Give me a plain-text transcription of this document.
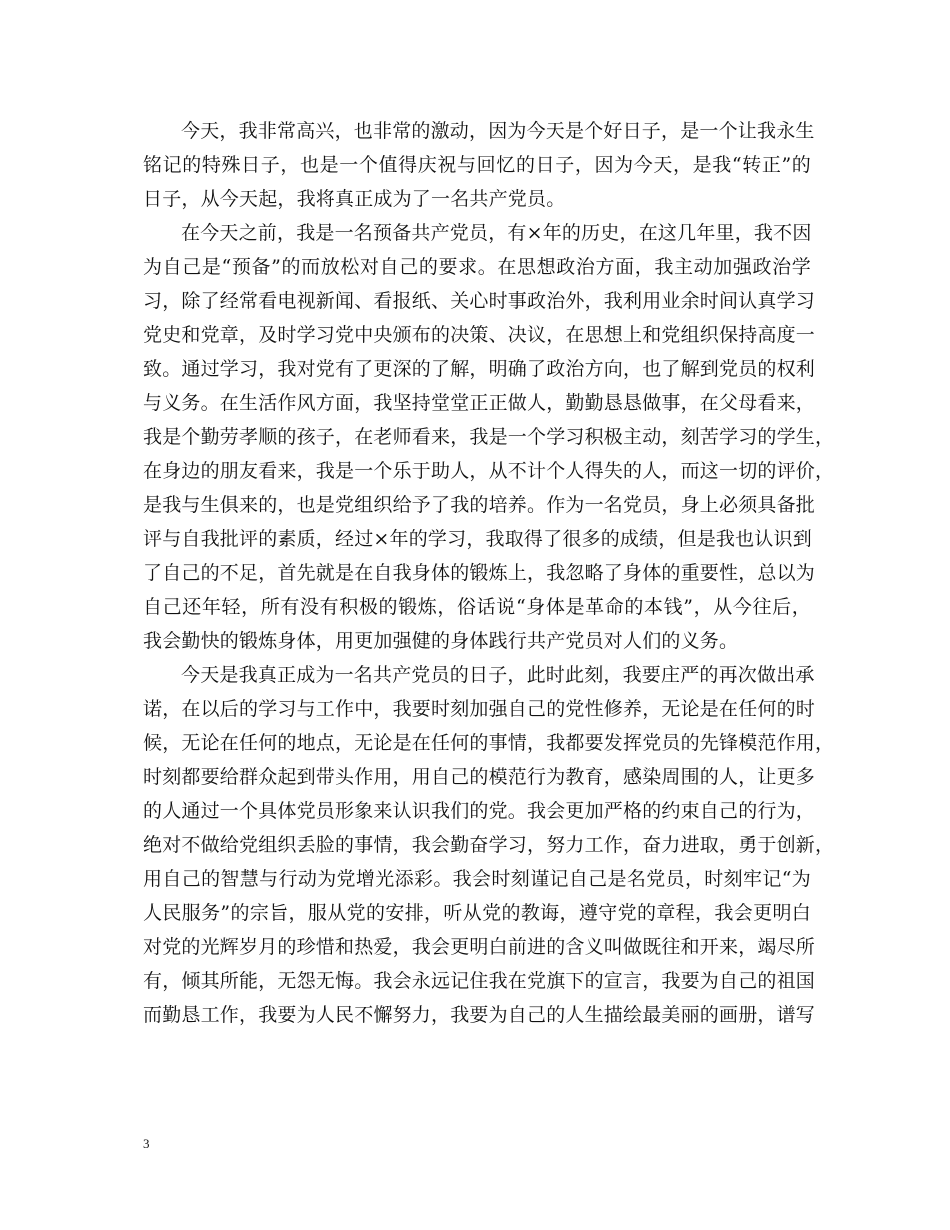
今天，我非常高兴，也非常的激动，因为今天是个好日子，是一个让我永生
铭记的特殊日子，也是一个值得庆祝与回忆的日子，因为今天，是我“转正”的
日子，从今天起，我将真正成为了一名共产党员。
在今天之前，我是一名预备共产党员，有×年的历史，在这几年里，我不因
为自己是“预备”的而放松对自己的要求。在思想政治方面，我主动加强政治学
习，除了经常看电视新闻、看报纸、关心时事政治外，我利用业余时间认真学习
党史和党章，及时学习党中央颁布的决策、决议，在思想上和党组织保持高度一
致。通过学习，我对党有了更深的了解，明确了政治方向，也了解到党员的权利
与义务。在生活作风方面，我坚持堂堂正正做人，勤勤恳恳做事，在父母看来，
我是个勤劳孝顺的孩子，在老师看来，我是一个学习积极主动，刻苦学习的学生，
在身边的朋友看来，我是一个乐于助人，从不计个人得失的人，而这一切的评价，
是我与生俱来的，也是党组织给予了我的培养。作为一名党员，身上必须具备批
评与自我批评的素质，经过×年的学习，我取得了很多的成绩，但是我也认识到
了自己的不足，首先就是在自我身体的锻炼上，我忽略了身体的重要性，总以为
自己还年轻，所有没有积极的锻炼，俗话说“身体是革命的本钱”，从今往后，
我会勤快的锻炼身体，用更加强健的身体践行共产党员对人们的义务。
今天是我真正成为一名共产党员的日子，此时此刻，我要庄严的再次做出承
诺，在以后的学习与工作中，我要时刻加强自己的党性修养，无论是在任何的时
候，无论在任何的地点，无论是在任何的事情，我都要发挥党员的先锋模范作用，
时刻都要给群众起到带头作用，用自己的模范行为教育，感染周围的人，让更多
的人通过一个具体党员形象来认识我们的党。我会更加严格的约束自己的行为，
绝对不做给党组织丢脸的事情，我会勤奋学习，努力工作，奋力进取，勇于创新，
用自己的智慧与行动为党增光添彩。我会时刻谨记自己是名党员，时刻牢记“为
人民服务”的宗旨，服从党的安排，听从党的教诲，遵守党的章程，我会更明白
对党的光辉岁月的珍惜和热爱，我会更明白前进的含义叫做既往和开来，竭尽所
有，倾其所能，无怨无悔。我会永远记住我在党旗下的宣言，我要为自己的祖国
而勤恳工作，我要为人民不懈努力，我要为自己的人生描绘最美丽的画册，谱写
3
